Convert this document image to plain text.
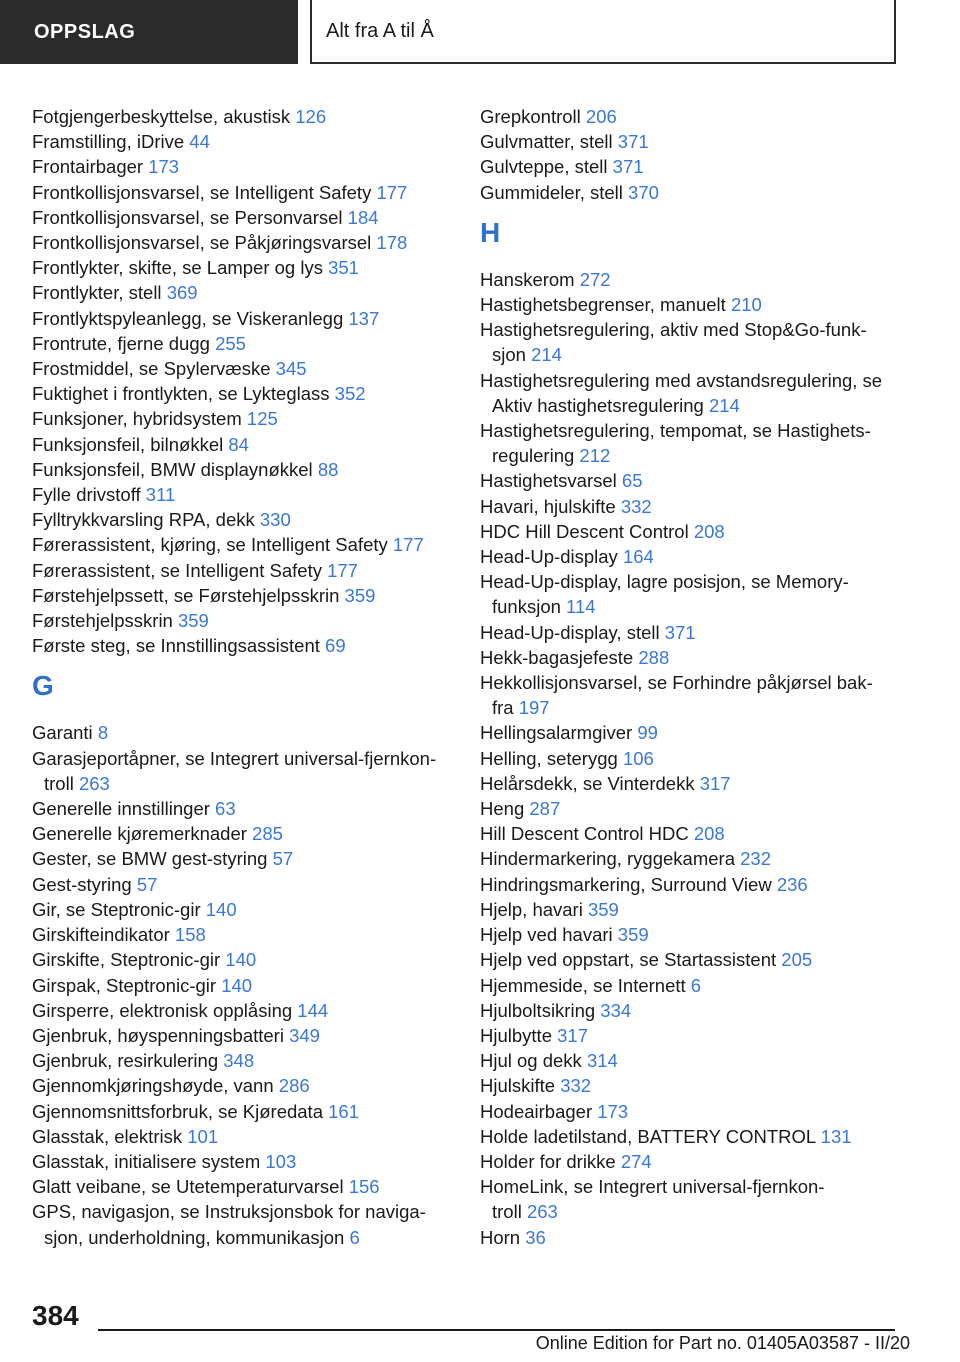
OPPSLAG	Alt fra A til Å
Fotgjengerbeskyttelse, akustisk 126
Framstilling, iDrive 44
Frontairbager 173
Frontkollisjonsvarsel, se Intelligent Safety 177
Frontkollisjonsvarsel, se Personvarsel 184
Frontkollisjonsvarsel, se Påkjøringsvarsel 178
Frontlykter, skifte, se Lamper og lys 351
Frontlykter, stell 369
Frontlyktspyleanlegg, se Viskeranlegg 137
Frontrute, fjerne dugg 255
Frostmiddel, se Spylervæske 345
Fuktighet i frontlykten, se Lykteglass 352
Funksjoner, hybridsystem 125
Funksjonsfeil, bilnøkkel 84
Funksjonsfeil, BMW displaynøkkel 88
Fylle drivstoff 311
Fylltrykkvarsling RPA, dekk 330
Førerassistent, kjøring, se Intelligent Safety 177
Førerassistent, se Intelligent Safety 177
Førstehjelpssett, se Førstehjelpsskrin 359
Førstehjelpsskrin 359
Første steg, se Innstillingsassistent 69
G
Garanti 8
Garasjeportåpner, se Integrert universal-fjernkon-
troll 263
Generelle innstillinger 63
Generelle kjøremerknader 285
Gester, se BMW gest-styring 57
Gest-styring 57
Gir, se Steptronic-gir 140
Girskifteindikator 158
Girskifte, Steptronic-gir 140
Girspak, Steptronic-gir 140
Girsperre, elektronisk opplåsing 144
Gjenbruk, høyspenningsbatteri 349
Gjenbruk, resirkulering 348
Gjennomkjøringshøyde, vann 286
Gjennomsnittsforbruk, se Kjøredata 161
Glasstak, elektrisk 101
Glasstak, initialisere system 103
Glatt veibane, se Utetemperaturvarsel 156
GPS, navigasjon, se Instruksjonsbok for naviga-
sjon, underholdning, kommunikasjon 6
Grepkontroll 206
Gulvmatter, stell 371
Gulvteppe, stell 371
Gummideler, stell 370
H
Hanskerom 272
Hastighetsbegrenser, manuelt 210
Hastighetsregulering, aktiv med Stop&Go-funk-
sjon 214
Hastighetsregulering med avstandsregulering, se
Aktiv hastighetsregulering 214
Hastighetsregulering, tempomat, se Hastighets-
regulering 212
Hastighetsvarsel 65
Havari, hjulskifte 332
HDC Hill Descent Control 208
Head-Up-display 164
Head-Up-display, lagre posisjon, se Memory-
funksjon 114
Head-Up-display, stell 371
Hekk-bagasjefeste 288
Hekkollisjonsvarsel, se Forhindre påkjørsel bak-
fra 197
Hellingsalarmgiver 99
Helling, seterygg 106
Helårsdekk, se Vinterdekk 317
Heng 287
Hill Descent Control HDC 208
Hindermarkering, ryggekamera 232
Hindringsmarkering, Surround View 236
Hjelp, havari 359
Hjelp ved havari 359
Hjelp ved oppstart, se Startassistent 205
Hjemmeside, se Internett 6
Hjulboltsikring 334
Hjulbytte 317
Hjul og dekk 314
Hjulskifte 332
Hodeairbager 173
Holde ladetilstand, BATTERY CONTROL 131
Holder for drikke 274
HomeLink, se Integrert universal-fjernkon-
troll 263
Horn 36
384
Online Edition for Part no. 01405A03587 - II/20
